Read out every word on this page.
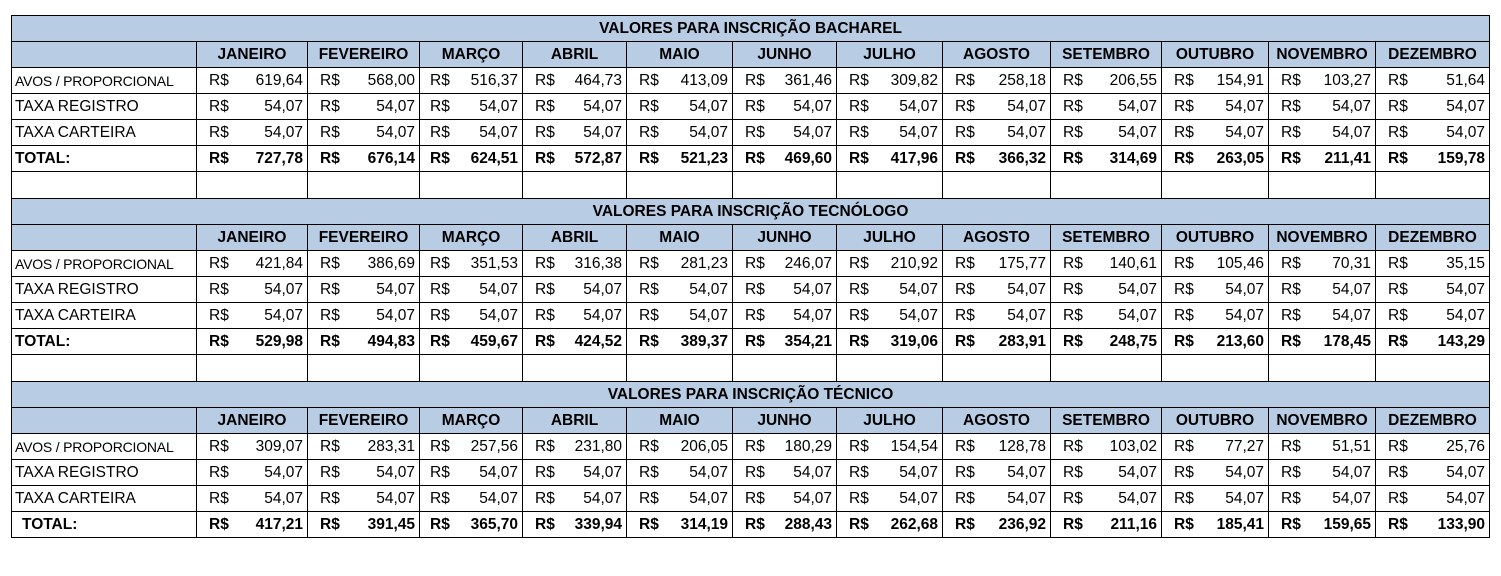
VALORES PARA INSCRIÇÃO BACHAREL												
	JANEIRO	FEVEREIRO	MARÇO	ABRIL	MAIO	JUNHO	JULHO	AGOSTO	SETEMBRO	OUTUBRO	NOVEMBRO	DEZEMBRO
AVOS / PROPORCIONAL	R$ 619,64	R$ 568,00	R$ 516,37	R$ 464,73	R$ 413,09	R$ 361,46	R$ 309,82	R$ 258,18	R$ 206,55	R$ 154,91	R$ 103,27	R$ 51,64

TAXA REGISTRO	R$ 54,07	R$ 54,07	R$ 54,07	R$ 54,07	R$ 54,07	R$ 54,07	R$ 54,07	R$ 54,07	R$ 54,07	R$ 54,07	R$ 54,07	R$ 54,07

TAXA CARTEIRA	R$ 54,07	R$ 54,07	R$ 54,07	R$ 54,07	R$ 54,07	R$ 54,07	R$ 54,07	R$ 54,07	R$ 54,07	R$ 54,07	R$ 54,07	R$ 54,07

TOTAL:	R$ 727,78	R$ 676,14	R$ 624,51	R$ 572,87	R$ 521,23	R$ 469,60	R$ 417,96	R$ 366,32	R$ 314,69	R$ 263,05	R$ 211,41	R$ 159,78

VALORES PARA INSCRIÇÃO TECNÓLOGO												
	JANEIRO	FEVEREIRO	MARÇO	ABRIL	MAIO	JUNHO	JULHO	AGOSTO	SETEMBRO	OUTUBRO	NOVEMBRO	DEZEMBRO
AVOS / PROPORCIONAL	R$ 421,84	R$ 386,69	R$ 351,53	R$ 316,38	R$ 281,23	R$ 246,07	R$ 210,92	R$ 175,77	R$ 140,61	R$ 105,46	R$ 70,31	R$ 35,15

TAXA REGISTRO	R$ 54,07	R$ 54,07	R$ 54,07	R$ 54,07	R$ 54,07	R$ 54,07	R$ 54,07	R$ 54,07	R$ 54,07	R$ 54,07	R$ 54,07	R$ 54,07

TAXA CARTEIRA	R$ 54,07	R$ 54,07	R$ 54,07	R$ 54,07	R$ 54,07	R$ 54,07	R$ 54,07	R$ 54,07	R$ 54,07	R$ 54,07	R$ 54,07	R$ 54,07

TOTAL:	R$ 529,98	R$ 494,83	R$ 459,67	R$ 424,52	R$ 389,37	R$ 354,21	R$ 319,06	R$ 283,91	R$ 248,75	R$ 213,60	R$ 178,45	R$ 143,29

VALORES PARA INSCRIÇÃO TÉCNICO												
	JANEIRO	FEVEREIRO	MARÇO	ABRIL	MAIO	JUNHO	JULHO	AGOSTO	SETEMBRO	OUTUBRO	NOVEMBRO	DEZEMBRO
AVOS / PROPORCIONAL	R$ 309,07	R$ 283,31	R$ 257,56	R$ 231,80	R$ 206,05	R$ 180,29	R$ 154,54	R$ 128,78	R$ 103,02	R$ 77,27	R$ 51,51	R$ 25,76

TAXA REGISTRO	R$ 54,07	R$ 54,07	R$ 54,07	R$ 54,07	R$ 54,07	R$ 54,07	R$ 54,07	R$ 54,07	R$ 54,07	R$ 54,07	R$ 54,07	R$ 54,07

TAXA CARTEIRA	R$ 54,07	R$ 54,07	R$ 54,07	R$ 54,07	R$ 54,07	R$ 54,07	R$ 54,07	R$ 54,07	R$ 54,07	R$ 54,07	R$ 54,07	R$ 54,07

TOTAL:	R$ 417,21	R$ 391,45	R$ 365,70	R$ 339,94	R$ 314,19	R$ 288,43	R$ 262,68	R$ 236,92	R$ 211,16	R$ 185,41	R$ 159,65	R$ 133,90
